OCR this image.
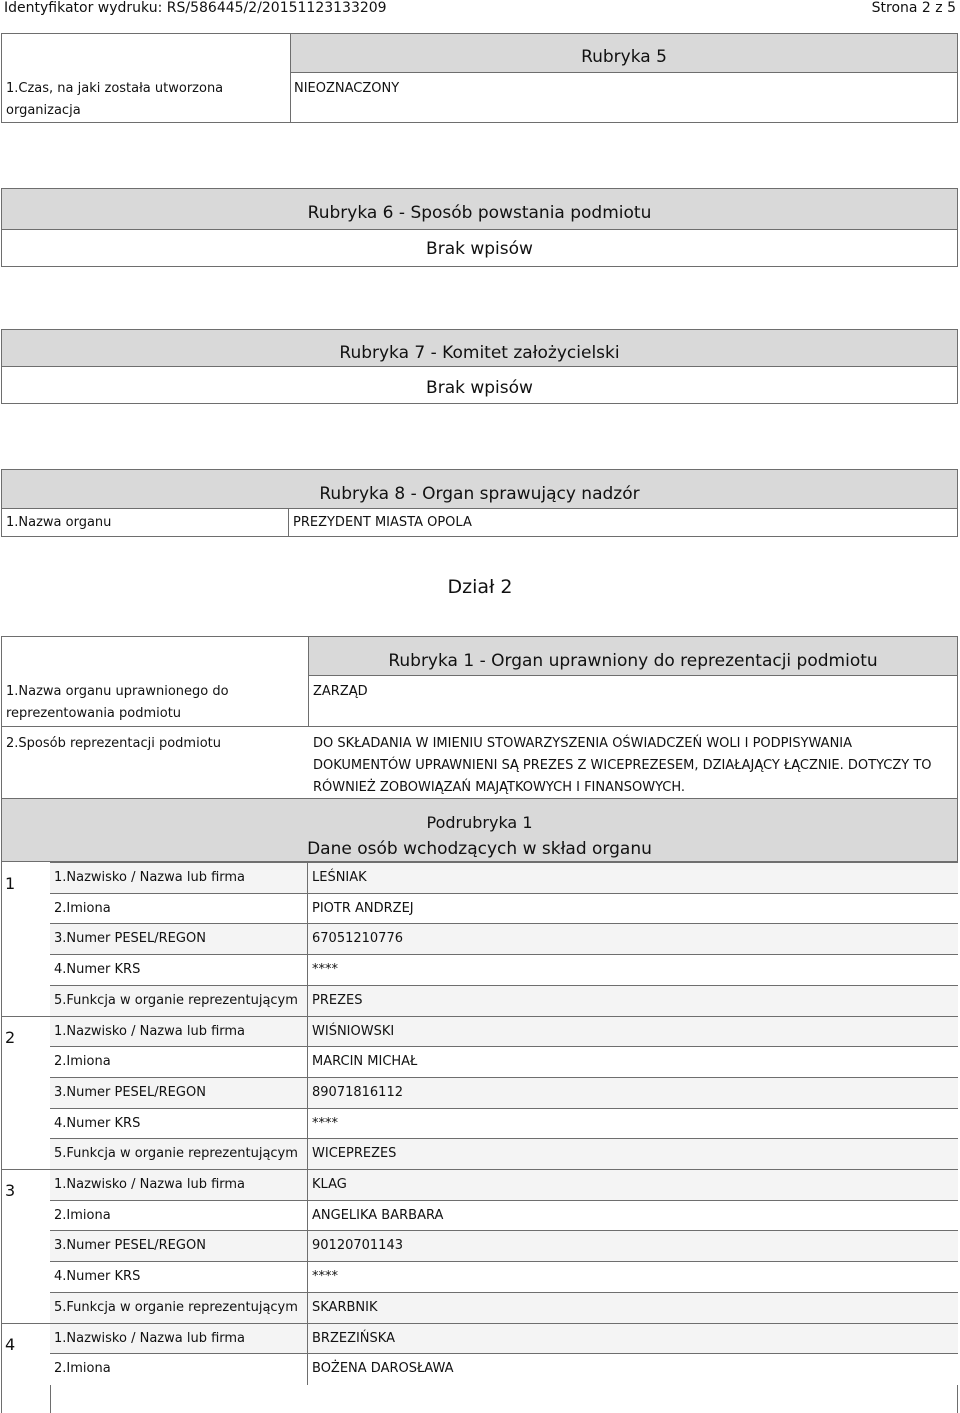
Identyfikator wydruku: RS/586445/2/20151123133209	Strona 2 z 5
Rubryka 5
1.Czas, na jaki została utworzona organizacja
NIEOZNACZONY
Rubryka 6 - Sposób powstania podmiotu
Brak wpisów
Rubryka 7 - Komitet założycielski
Brak wpisów
Rubryka 8 - Organ sprawujący nadzór
1.Nazwa organu	PREZYDENT MIASTA OPOLA
Dział 2
Rubryka 1 - Organ uprawniony do reprezentacji podmiotu
1.Nazwa organu uprawnionego do reprezentowania podmiotu
ZARZĄD
2.Sposób reprezentacji podmiotu	DO SKŁADANIA W IMIENIU STOWARZYSZENIA OŚWIADCZEŃ WOLI I PODPISYWANIA DOKUMENTÓW UPRAWNIENI SĄ PREZES Z WICEPREZESEM, DZIAŁAJĄCY ŁĄCZNIE. DOTYCZY TO RÓWNIEŻ ZOBOWIĄZAŃ MAJĄTKOWYCH I FINANSOWYCH.
Podrubryka 1
Dane osób wchodzących w skład organu
1	1.Nazwisko / Nazwa lub firma	LEŚNIAK
2.Imiona	PIOTR ANDRZEJ
3.Numer PESEL/REGON	67051210776
4.Numer KRS	****
5.Funkcja w organie reprezentującym PREZES
2	1.Nazwisko / Nazwa lub firma	WIŚNIOWSKI
2.Imiona	MARCIN MICHAŁ
3.Numer PESEL/REGON	89071816112
4.Numer KRS	****
5.Funkcja w organie reprezentującym WICEPREZES
3	1.Nazwisko / Nazwa lub firma	KLAG
2.Imiona	ANGELIKA BARBARA
3.Numer PESEL/REGON	90120701143
4.Numer KRS	****
5.Funkcja w organie reprezentującym SKARBNIK
4	1.Nazwisko / Nazwa lub firma	BRZEZIŃSKA
2.Imiona	BOŻENA DAROSŁAWA
